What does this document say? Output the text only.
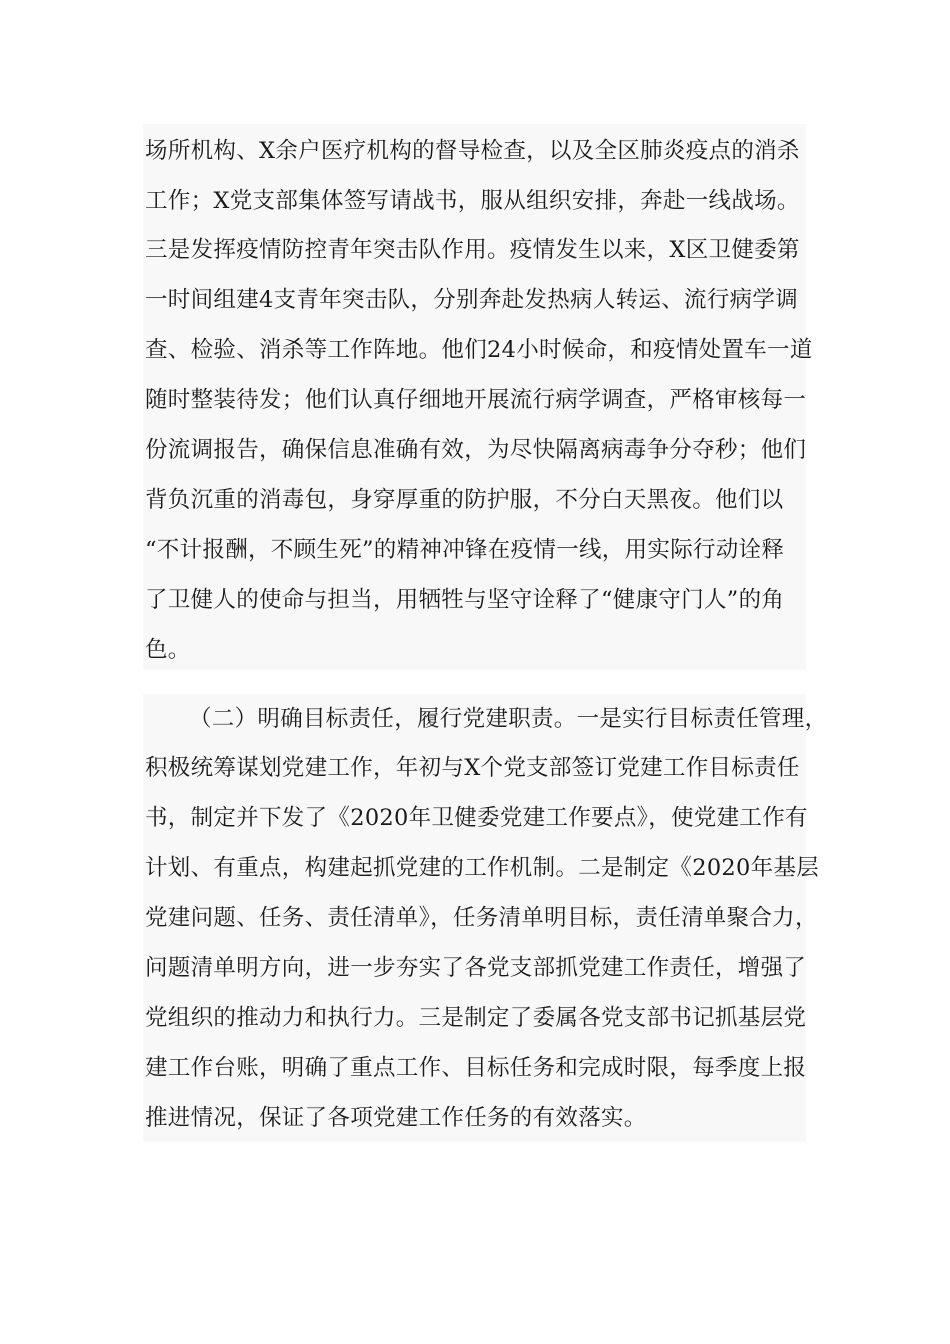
场所机构、X余户医疗机构的督导检查，以及全区肺炎疫点的消杀
工作；X党支部集体签写请战书，服从组织安排，奔赴一线战场。
三是发挥疫情防控青年突击队作用。疫情发生以来，X区卫健委第
一时间组建4支青年突击队，分别奔赴发热病人转运、流行病学调
查、检验、消杀等工作阵地。他们24小时候命，和疫情处置车一道
随时整装待发；他们认真仔细地开展流行病学调查，严格审核每一
份流调报告，确保信息准确有效，为尽快隔离病毒争分夺秒；他们
背负沉重的消毒包，身穿厚重的防护服，不分白天黑夜。他们以
“不计报酬，不顾生死”的精神冲锋在疫情一线，用实际行动诠释
了卫健人的使命与担当，用牺牲与坚守诠释了“健康守门人”的角
色。
（二）明确目标责任，履行党建职责。一是实行目标责任管理，
积极统筹谋划党建工作，年初与X个党支部签订党建工作目标责任
书，制定并下发了《2020年卫健委党建工作要点》，使党建工作有
计划、有重点，构建起抓党建的工作机制。二是制定《2020年基层
党建问题、任务、责任清单》，任务清单明目标，责任清单聚合力，
问题清单明方向，进一步夯实了各党支部抓党建工作责任，增强了
党组织的推动力和执行力。三是制定了委属各党支部书记抓基层党
建工作台账，明确了重点工作、目标任务和完成时限，每季度上报
推进情况，保证了各项党建工作任务的有效落实。
